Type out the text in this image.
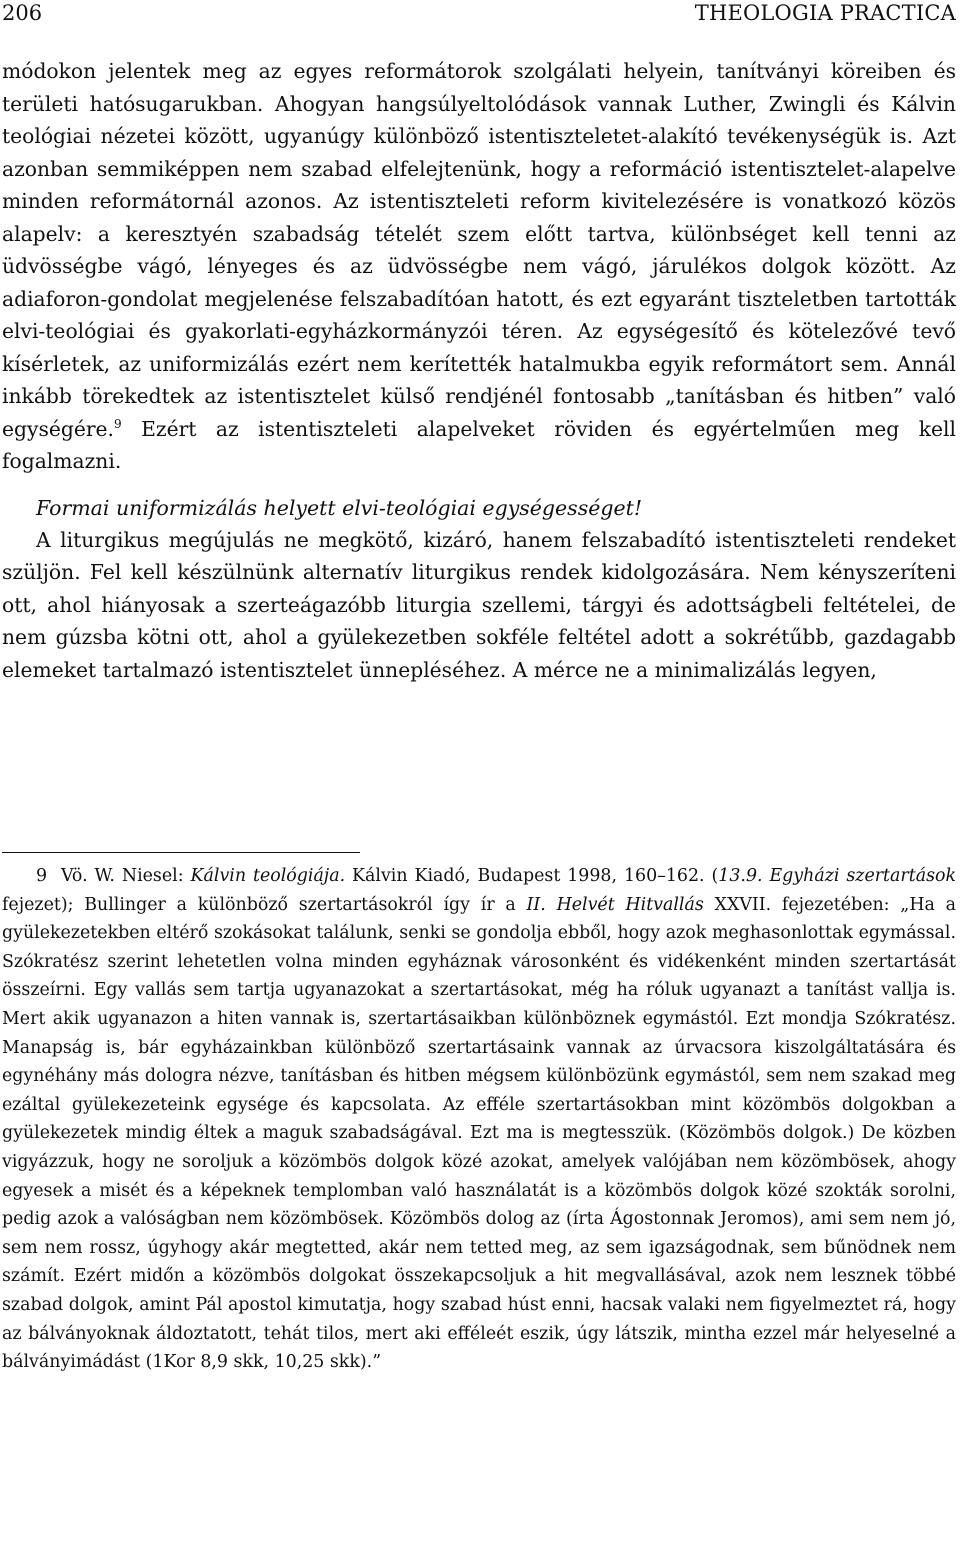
206	THEOLOGIA PRACTICA

módokon jelentek meg az egyes reformátorok szolgálati helyein, tanítványi köreiben és területi hatósugarukban. Ahogyan hangsúlyeltolódások vannak Luther, Zwingli és Kálvin teológiai nézetei között, ugyanúgy különböző istentiszteletet-alakító tevékenységük is. Azt azonban semmiképpen nem szabad elfelejtenünk, hogy a reformáció istentisztelet-alapelve minden reformátornál azonos. Az istentiszteleti reform kivitelezésére is vonatkozó közös alapelv: a keresztyén szabadság tételét szem előtt tartva, különbséget kell tenni az üdvösségbe vágó, lényeges és az üdvösségbe nem vágó, járulékos dolgok között. Az adiaforon-gondolat megjelenése felszabadítóan hatott, és ezt egyaránt tiszteletben tartották elvi-teológiai és gyakorlati-egyházkormányzói téren. Az egységesítő és kötelezővé tevő kísérletek, az uniformizálás ezért nem kerítették hatalmukba egyik reformátort sem. Annál inkább törekedtek az istentisztelet külső rendjénél fontosabb „tanításban és hitben” való egységére.$^9$ Ezért az istentiszteleti alapelveket röviden és egyértelműen meg kell fogalmazni.

Formai uniformizálás helyett elvi-teológiai egységességet!

A liturgikus megújulás ne megkötő, kizáró, hanem felszabadító istentiszteleti rendeket szüljön. Fel kell készülnünk alternatív liturgikus rendek kidolgozására. Nem kényszeríteni ott, ahol hiányosak a szerteágazóbb liturgia szellemi, tárgyi és adottságbeli feltételei, de nem gúzsba kötni ott, ahol a gyülekezetben sokféle feltétel adott a sokrétűbb, gazdagabb elemeket tartalmazó istentisztelet ünnepléséhez. A mérce ne a minimalizálás legyen,

9 Vö. W. Niesel: Kálvin teológiája. Kálvin Kiadó, Budapest 1998, 160–162. (13.9. Egyházi szertartások fejezet); Bullinger a különböző szertartásokról így ír a II. Helvét Hitvallás XXVII. fejezetében: „Ha a gyülekezetekben eltérő szokásokat találunk, senki se gondolja ebből, hogy azok meghasonlottak egymással. Szókratész szerint lehetetlen volna minden egyháznak városonként és vidékenként minden szertartását összeírni. Egy vallás sem tartja ugyanazokat a szertartásokat, még ha róluk ugyanazt a tanítást vallja is. Mert akik ugyanazon a hiten vannak is, szertartásaikban különböznek egymástól. Ezt mondja Szókratész. Manapság is, bár egyházainkban különböző szertartásaink vannak az úrvacsora kiszolgáltatására és egynéhány más dologra nézve, tanításban és hitben mégsem különbözünk egymástól, sem nem szakad meg ezáltal gyülekezeteink egysége és kapcsolata. Az efféle szertartásokban mint közömbös dolgokban a gyülekezetek mindig éltek a maguk szabadságával. Ezt ma is megtesszük. (Közömbös dolgok.) De közben vigyázzuk, hogy ne soroljuk a közömbös dolgok közé azokat, amelyek valójában nem közömbösek, ahogy egyesek a misét és a képeknek templomban való használatát is a közömbös dolgok közé szokták sorolni, pedig azok a valóságban nem közömbösek. Közömbös dolog az (írta Ágostonnak Jeromos), ami sem nem jó, sem nem rossz, úgyhogy akár megtetted, akár nem tetted meg, az sem igazságodnak, sem bűnödnek nem számít. Ezért midőn a közömbös dolgokat összekapcsoljuk a hit megvallásával, azok nem lesznek többé szabad dolgok, amint Pál apostol kimutatja, hogy szabad húst enni, hacsak valaki nem figyelmeztet rá, hogy az bálványoknak áldoztatott, tehát tilos, mert aki efféleét eszik, úgy látszik, mintha ezzel már helyeselné a bálványimádást (1Kor 8,9 skk, 10,25 skk).”
